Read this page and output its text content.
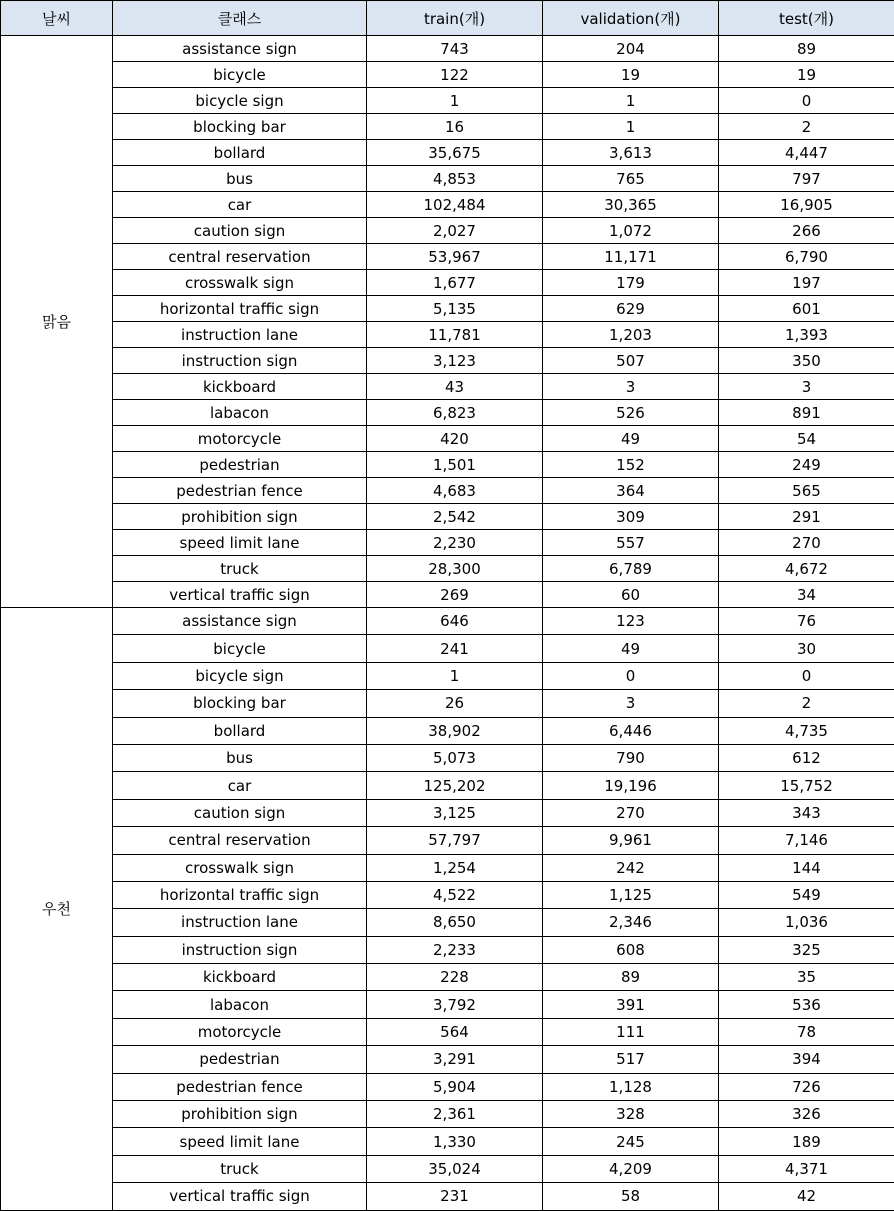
날씨	클래스	train(개)	validation(개)	test(개)
맑음	assistance sign	743	204	89
	bicycle	122	19	19
	bicycle sign	1	1	0
	blocking bar	16	1	2
	bollard	35,675	3,613	4,447
	bus	4,853	765	797
	car	102,484	30,365	16,905
	caution sign	2,027	1,072	266
	central reservation	53,967	11,171	6,790
	crosswalk sign	1,677	179	197
	horizontal traffic sign	5,135	629	601
	instruction lane	11,781	1,203	1,393
	instruction sign	3,123	507	350
	kickboard	43	3	3
	labacon	6,823	526	891
	motorcycle	420	49	54
	pedestrian	1,501	152	249
	pedestrian fence	4,683	364	565
	prohibition sign	2,542	309	291
	speed limit lane	2,230	557	270
	truck	28,300	6,789	4,672
	vertical traffic sign	269	60	34
우천	assistance sign	646	123	76
	bicycle	241	49	30
	bicycle sign	1	0	0
	blocking bar	26	3	2
	bollard	38,902	6,446	4,735
	bus	5,073	790	612
	car	125,202	19,196	15,752
	caution sign	3,125	270	343
	central reservation	57,797	9,961	7,146
	crosswalk sign	1,254	242	144
	horizontal traffic sign	4,522	1,125	549
	instruction lane	8,650	2,346	1,036
	instruction sign	2,233	608	325
	kickboard	228	89	35
	labacon	3,792	391	536
	motorcycle	564	111	78
	pedestrian	3,291	517	394
	pedestrian fence	5,904	1,128	726
	prohibition sign	2,361	328	326
	speed limit lane	1,330	245	189
	truck	35,024	4,209	4,371
	vertical traffic sign	231	58	42
